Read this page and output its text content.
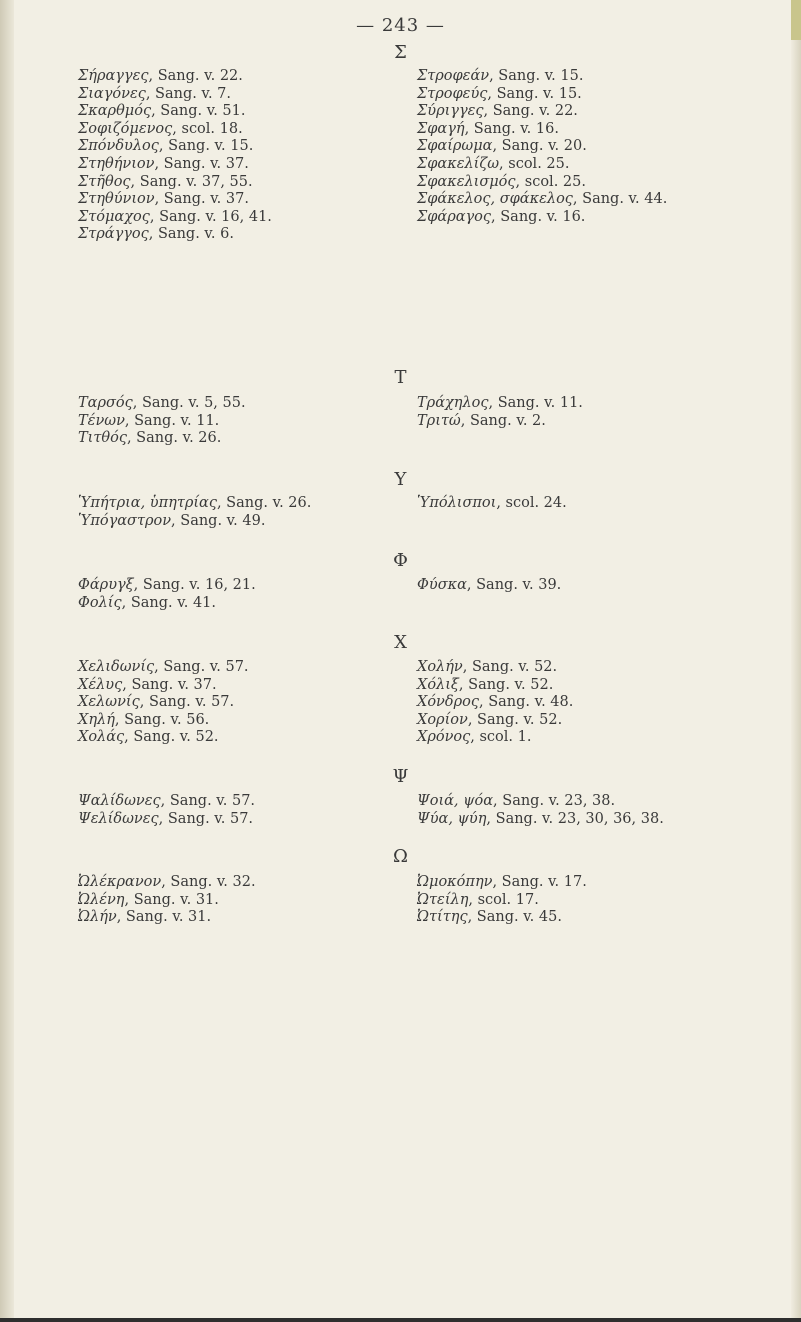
— 243 —
Σ
Σήραγγες, Sang. v. 22.
Σιαγόνες, Sang. v. 7.
Σκαρθμός, Sang. v. 51.
Σοφιζόμενος, scol. 18.
Σπόνδυλος, Sang. v. 15.
Στηθήνιον, Sang. v. 37.
Στῆθος, Sang. v. 37, 55.
Στηθύνιον, Sang. v. 37.
Στόμαχος, Sang. v. 16, 41.
Στράγγος, Sang. v. 6.
Στροφεάν, Sang. v. 15.
Στροφεύς, Sang. v. 15.
Σύριγγες, Sang. v. 22.
Σφαγή, Sang. v. 16.
Σφαίρωμα, Sang. v. 20.
Σφακελίζω, scol. 25.
Σφακελισμός, scol. 25.
Σφάκελος, σφάκελος, Sang. v. 44.
Σφάραγος, Sang. v. 16.
T
Ταρσός, Sang. v. 5, 55.
Τένων, Sang. v. 11.
Τιτθός, Sang. v. 26.
Τράχηλος, Sang. v. 11.
Τριτώ, Sang. v. 2.
Υ
Ὑπήτρια, ὑπητρίας, Sang. v. 26.
Ὑπόγαστρον, Sang. v. 49.
Ὑπόλισποι, scol. 24.
Φ
Φάρυγξ, Sang. v. 16, 21.
Φολίς, Sang. v. 41.
Φύσκα, Sang. v. 39.
X
Χελιδωνίς, Sang. v. 57.
Χέλυς, Sang. v. 37.
Χελωνίς, Sang. v. 57.
Χηλή, Sang. v. 56.
Χολάς, Sang. v. 52.
Χολήν, Sang. v. 52.
Χόλιξ, Sang. v. 52.
Χόνδρος, Sang. v. 48.
Χορίον, Sang. v. 52.
Χρόνος, scol. 1.
Ψ
Ψαλίδωνες, Sang. v. 57.
Ψελίδωνες, Sang. v. 57.
Ψοιά, ψόα, Sang. v. 23, 38.
Ψύα, ψύη, Sang. v. 23, 30, 36, 38.
Ω
Ὠλέκρανον, Sang. v. 32.
Ὠλένη, Sang. v. 31.
Ὠλήν, Sang. v. 31.
Ὠμοκόπην, Sang. v. 17.
Ὠτείλη, scol. 17.
Ὠτίτης, Sang. v. 45.
